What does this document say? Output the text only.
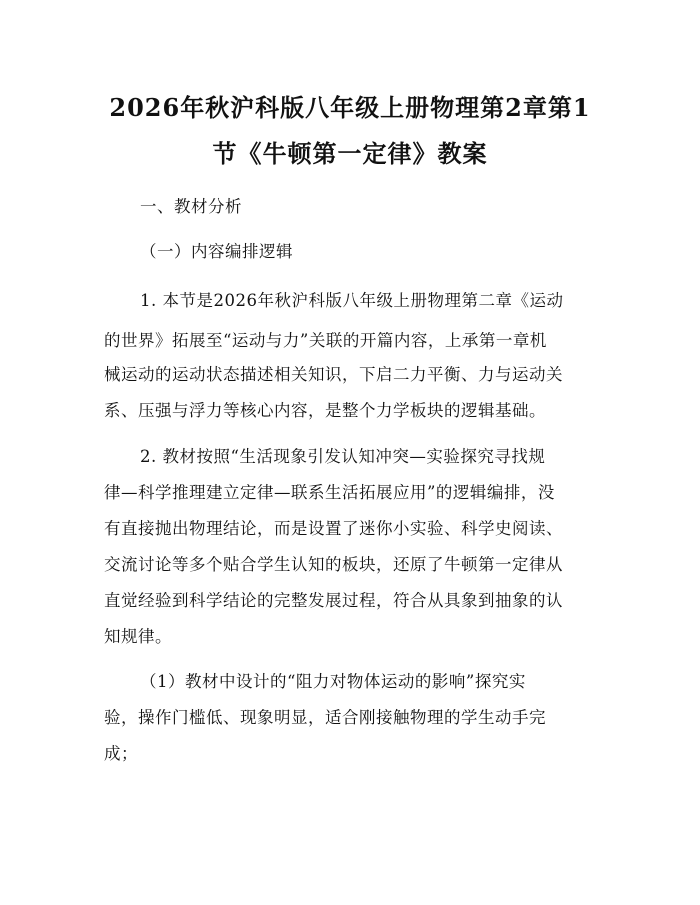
2026年秋沪科版八年级上册物理第2章第1
节《牛顿第一定律》教案
一、教材分析
（一）内容编排逻辑
1. 本节是2026年秋沪科版八年级上册物理第二章《运动
的世界》拓展至“运动与力”关联的开篇内容，上承第一章机
械运动的运动状态描述相关知识，下启二力平衡、力与运动关
系、压强与浮力等核心内容，是整个力学板块的逻辑基础。
2. 教材按照“生活现象引发认知冲突—实验探究寻找规
律—科学推理建立定律—联系生活拓展应用”的逻辑编排，没
有直接抛出物理结论，而是设置了迷你小实验、科学史阅读、
交流讨论等多个贴合学生认知的板块，还原了牛顿第一定律从
直觉经验到科学结论的完整发展过程，符合从具象到抽象的认
知规律。
（1）教材中设计的“阻力对物体运动的影响”探究实
验，操作门槛低、现象明显，适合刚接触物理的学生动手完
成；
